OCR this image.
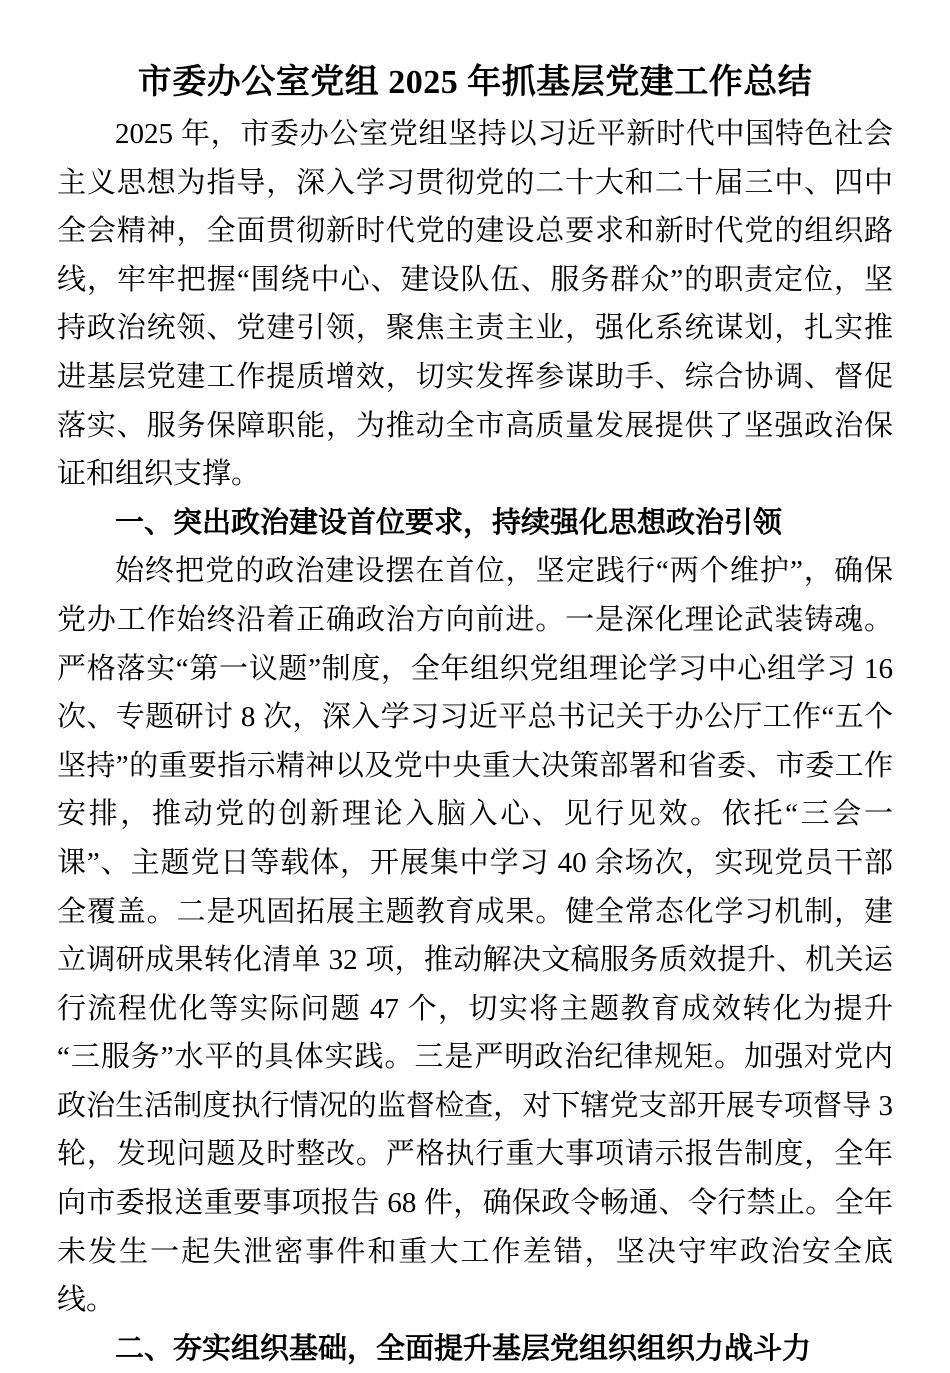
市委办公室党组 2025 年抓基层党建工作总结

2025 年，市委办公室党组坚持以习近平新时代中国特色社会主义思想为指导，深入学习贯彻党的二十大和二十届三中、四中全会精神，全面贯彻新时代党的建设总要求和新时代党的组织路线，牢牢把握“围绕中心、建设队伍、服务群众”的职责定位，坚持政治统领、党建引领，聚焦主责主业，强化系统谋划，扎实推进基层党建工作提质增效，切实发挥参谋助手、综合协调、督促落实、服务保障职能，为推动全市高质量发展提供了坚强政治保证和组织支撑。

一、突出政治建设首位要求，持续强化思想政治引领

始终把党的政治建设摆在首位，坚定践行“两个维护”，确保党办工作始终沿着正确政治方向前进。一是深化理论武装铸魂。严格落实“第一议题”制度，全年组织党组理论学习中心组学习 16 次、专题研讨 8 次，深入学习习近平总书记关于办公厅工作“五个坚持”的重要指示精神以及党中央重大决策部署和省委、市委工作安排，推动党的创新理论入脑入心、见行见效。依托“三会一课”、主题党日等载体，开展集中学习 40 余场次，实现党员干部全覆盖。二是巩固拓展主题教育成果。健全常态化学习机制，建立调研成果转化清单 32 项，推动解决文稿服务质效提升、机关运行流程优化等实际问题 47 个，切实将主题教育成效转化为提升“三服务”水平的具体实践。三是严明政治纪律规矩。加强对党内政治生活制度执行情况的监督检查，对下辖党支部开展专项督导 3 轮，发现问题及时整改。严格执行重大事项请示报告制度，全年向市委报送重要事项报告 68 件，确保政令畅通、令行禁止。全年未发生一起失泄密事件和重大工作差错，坚决守牢政治安全底线。

二、夯实组织基础，全面提升基层党组织组织力战斗力
